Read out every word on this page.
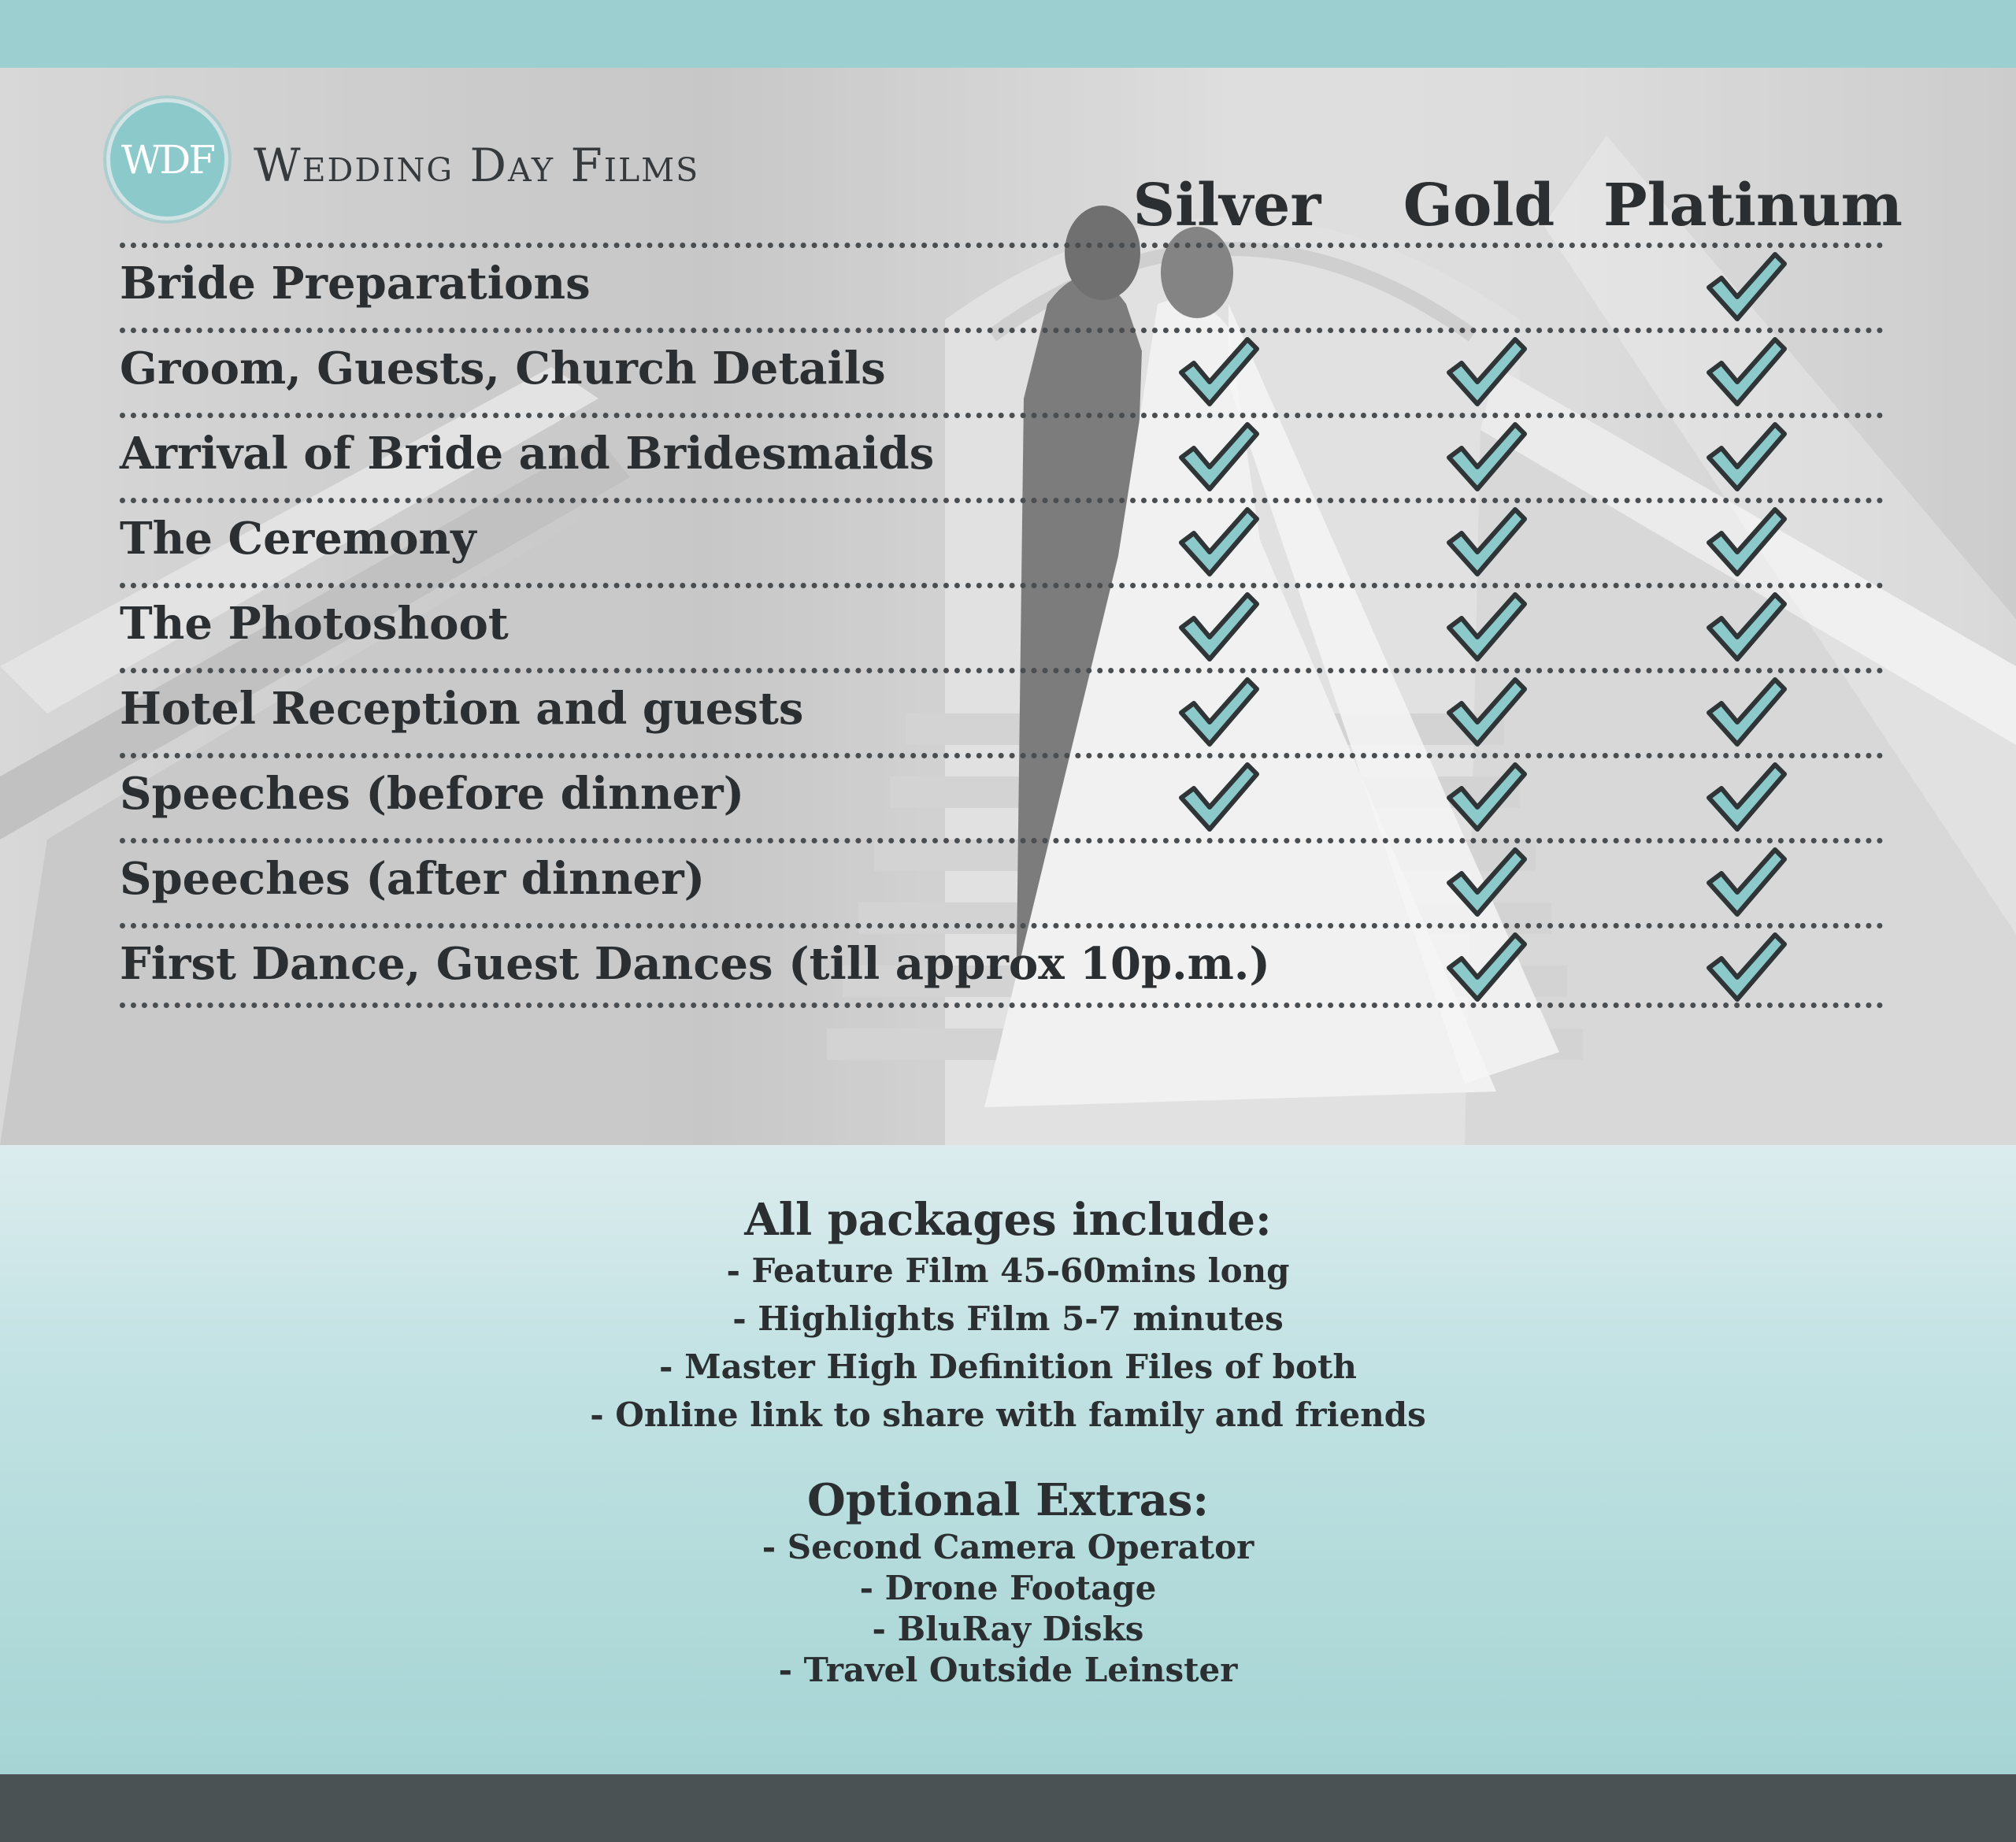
WDF Wedding Day Films
Silver	Gold Platinum
Bride Preparations
Groom, Guests, Church Details
Arrival of Bride and Bridesmaids
The Ceremony
The Photoshoot
Hotel Reception and guests
Speeches (before dinner)
Speeches (after dinner)
First Dance, Guest Dances (till approx 10p.m.)

All packages include:

- Feature Film 45-60mins long

- Highlights Film 5-7 minutes

- Master High Definition Files of both

- Online link to share with family and friends

Optional Extras:

- Second Camera Operator

- Drone Footage

- BluRay Disks

- Travel Outside Leinster
